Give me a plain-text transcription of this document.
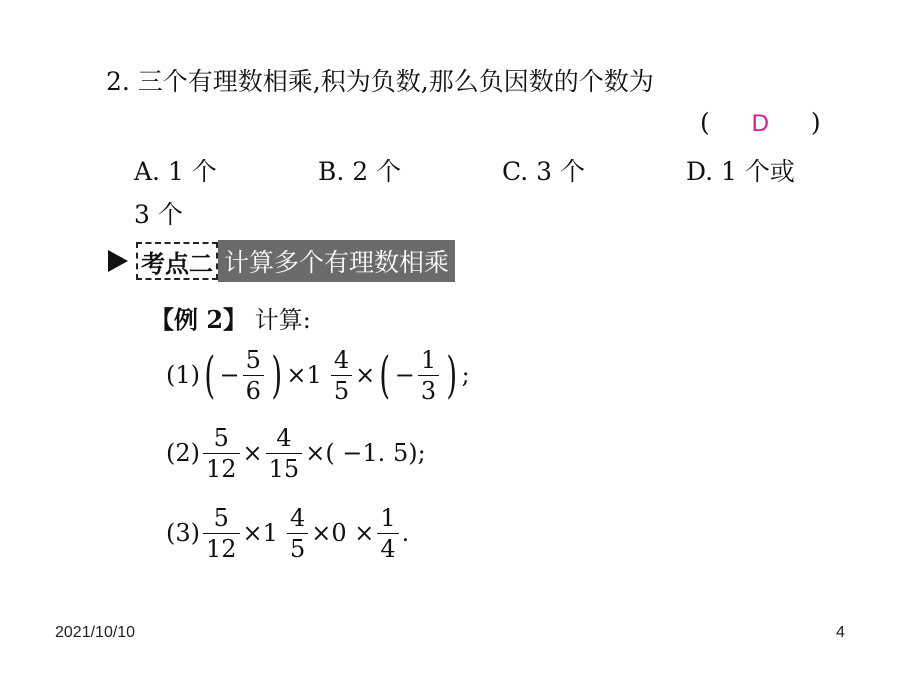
2. 三个有理数相乘,积为负数,那么负因数的个数为
( D )
A. 1 个	B. 2 个	C. 3 个	D. 1 个或
3 个
考点二 计算多个有理数相乘
【例 2】 计算:
(1) ( − $\frac{5}{6}$ ) $\times 1 \frac{4}{5}$ × ( − $\frac{1}{3}$ ) ;
$(2) \frac{5}{12} \times \frac{4}{15}$ ×( −1. 5);
$(3) \frac{5}{12} \times 1 \frac{4}{5} \times 0 \times \frac{1}{4}$ .
2021/10/10	4
